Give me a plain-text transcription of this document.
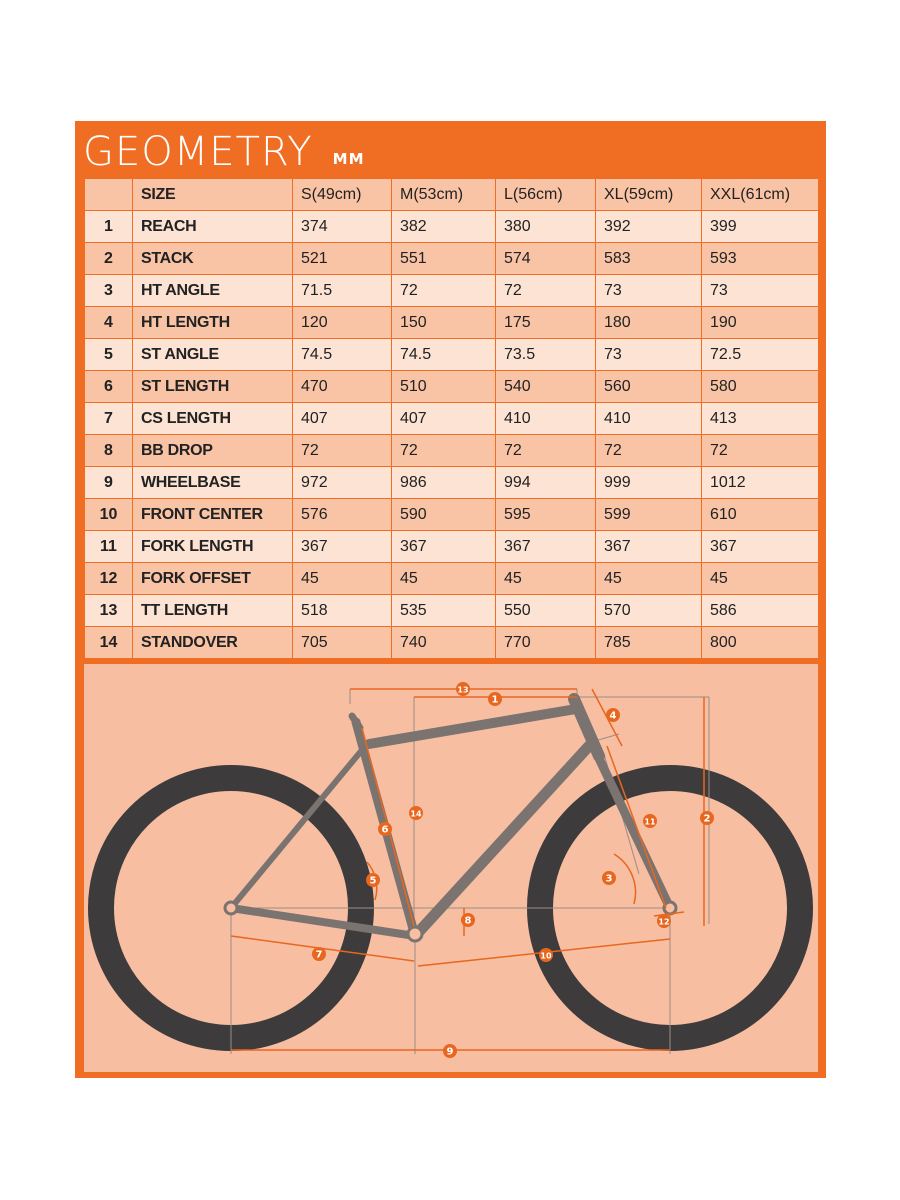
GEOMETRY MM
	SIZE	S(49cm)	M(53cm)	L(56cm)	XL(59cm)	XXL(61cm)
1	REACH	374	382	380	392	399
2	STACK	521	551	574	583	593
3	HT ANGLE	71.5	72	72	73	73
4	HT LENGTH	120	150	175	180	190
5	ST ANGLE	74.5	74.5	73.5	73	72.5
6	ST LENGTH	470	510	540	560	580
7	CS LENGTH	407	407	410	410	413
8	BB DROP	72	72	72	72	72
9	WHEELBASE	972	986	994	999	1012
10	FRONT CENTER	576	590	595	599	610
11	FORK LENGTH	367	367	367	367	367
12	FORK OFFSET	45	45	45	45	45
13	TT LENGTH	518	535	550	570	586
14	STANDOVER	705	740	770	785	800
1
2
3
4
5
6
7
8
9
10
11
12
13
14
